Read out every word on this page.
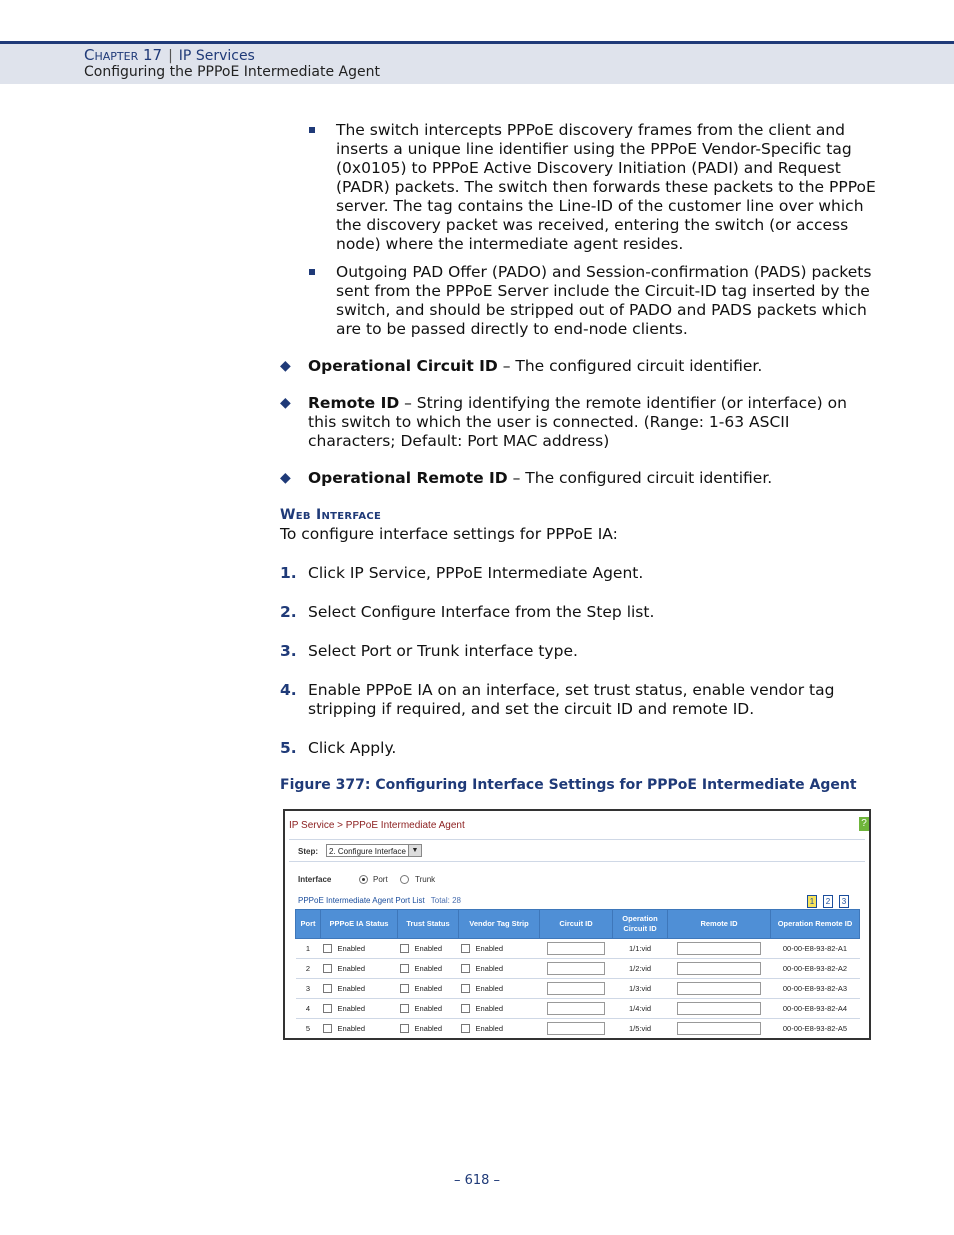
Chapter 17 | IP Services
Configuring the PPPoE Intermediate Agent
The switch intercepts PPPoE discovery frames from the client and inserts a unique line identifier using the PPPoE Vendor-Specific tag (0x0105) to PPPoE Active Discovery Initiation (PADI) and Request (PADR) packets. The switch then forwards these packets to the PPPoE server. The tag contains the Line-ID of the customer line over which the discovery packet was received, entering the switch (or access node) where the intermediate agent resides.
Outgoing PAD Offer (PADO) and Session-confirmation (PADS) packets sent from the PPPoE Server include the Circuit-ID tag inserted by the switch, and should be stripped out of PADO and PADS packets which are to be passed directly to end-node clients.
◆ Operational Circuit ID – The configured circuit identifier.
◆ Remote ID – String identifying the remote identifier (or interface) on this switch to which the user is connected. (Range: 1-63 ASCII characters; Default: Port MAC address)
◆ Operational Remote ID – The configured circuit identifier.
Web Interface
To configure interface settings for PPPoE IA:
1. Click IP Service, PPPoE Intermediate Agent.
2. Select Configure Interface from the Step list.
3. Select Port or Trunk interface type.
4. Enable PPPoE IA on an interface, set trust status, enable vendor tag stripping if required, and set the circuit ID and remote ID.
5. Click Apply.
Figure 377: Configuring Interface Settings for PPPoE Intermediate Agent
IP Service > PPPoE Intermediate Agent	?
Step:	2. Configure Interface ▼
Interface	Port	Trunk
PPPoE Intermediate Agent Port List Total: 28	1	2	3
Port	PPPoE IA Status	Trust Status	Vendor Tag Strip	Circuit ID	Operation Circuit ID	Remote ID	Operation Remote ID
1	Enabled	Enabled	Enabled		1/1:vid		00-00-E8-93-82-A1
2	Enabled	Enabled	Enabled		1/2:vid		00-00-E8-93-82-A2
3	Enabled	Enabled	Enabled		1/3:vid		00-00-E8-93-82-A3
4	Enabled	Enabled	Enabled		1/4:vid		00-00-E8-93-82-A4
5	Enabled	Enabled	Enabled		1/5:vid		00-00-E8-93-82-A5
– 618 –
